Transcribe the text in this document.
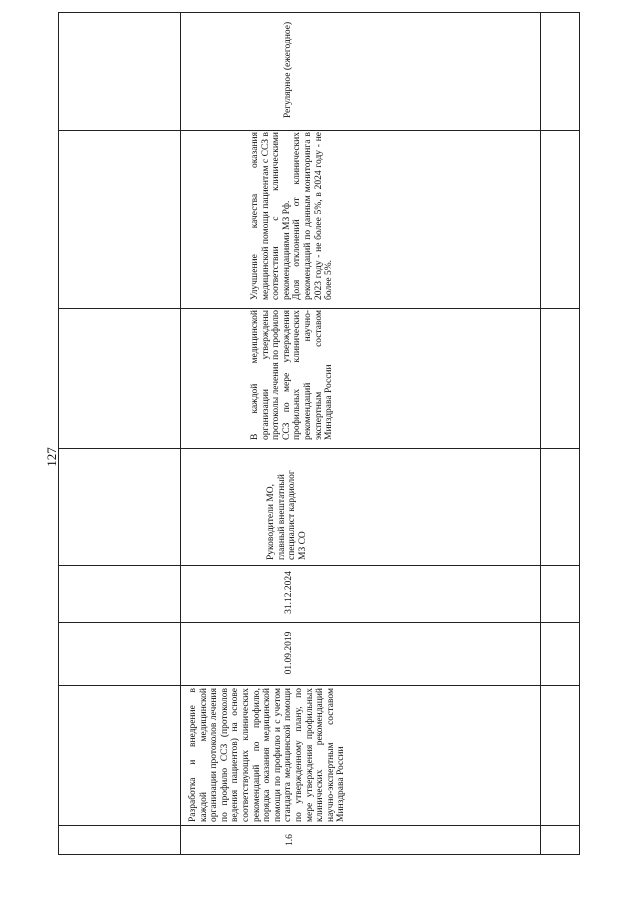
127

1.6

Разработка и внедрение в каждой медицинской организации протоколов лечения по профилю ССЗ (протоколов ведения пациентов) на основе соответствующих клинических рекомендаций по профилю, порядка оказания медицинской помощи по профилю и с учетом стандарта медицинской помощи по утвержденному плану, по мере утверждения профильных клинических рекомендаций научно-экспертным составом Минздрава России

01.09.2019

31.12.2024

Руководители МО, главный внештатный специалист кардиолог МЗ СО

В каждой медицинской организации утверждены протоколы лечения по профилю ССЗ по мере утверждения профильных клинических рекомендаций научно- экспертным составом Минздрава России

Улучшение качества оказания медицинской помощи пациентам с ССЗ в соответствии с клиническими рекомендациями МЗ Рф. Доля отклонений от клинических рекомендаций по данным мониторинга в 2023 году - не более 5%, в 2024 году - не более 5%.

Регулярное (ежегодное)
